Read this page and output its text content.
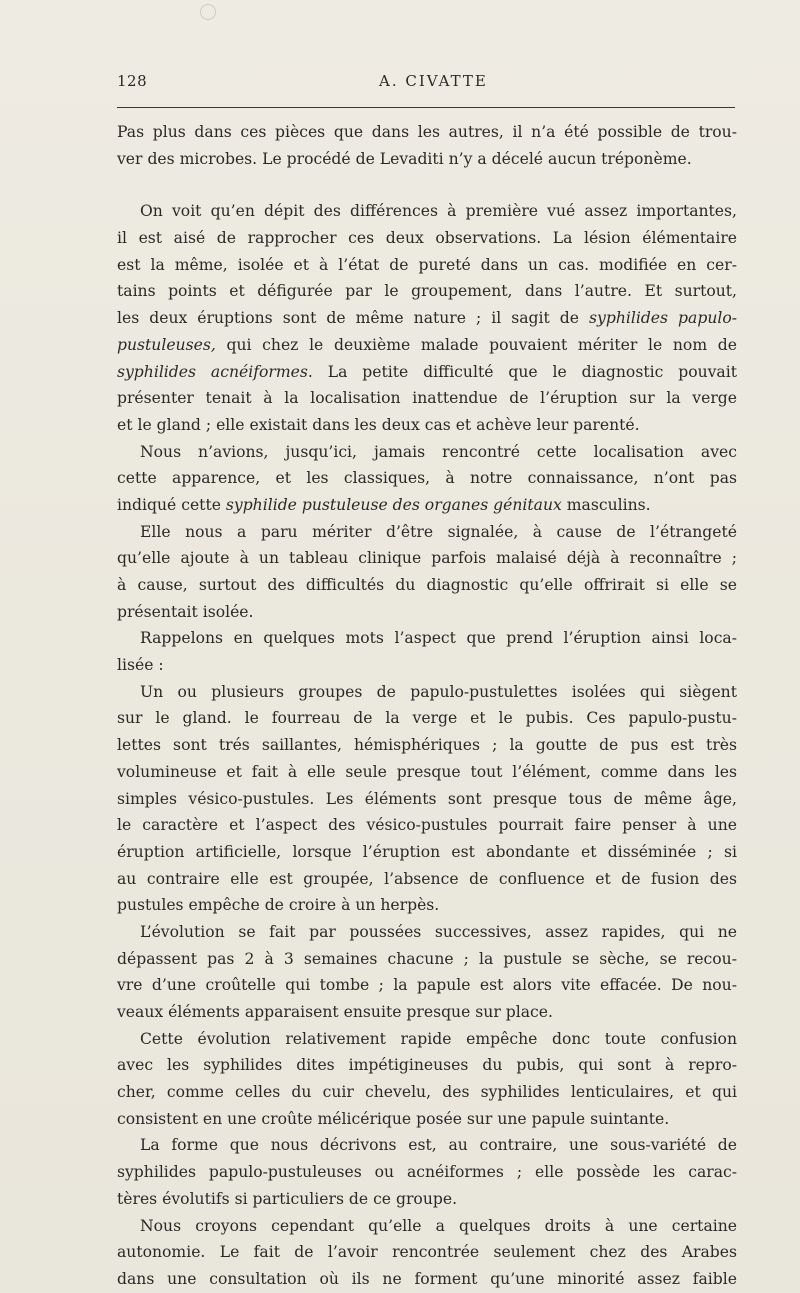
128	A. CIVATTE
Pas plus dans ces pièces que dans les autres, il n’a été possible de trou-
ver des microbes. Le procédé de Levaditi n’y a décelé aucun tréponème.
On voit qu’en dépit des différences à première vué assez importantes,
il est aisé de rapprocher ces deux observations. La lésion élémentaire
est la même, isolée et à l’état de pureté dans un cas. modifiée en cer-
tains points et défigurée par le groupement, dans l’autre. Et surtout,
les deux éruptions sont de même nature ; il sagit de syphilides papulo-
pustuleuses, qui chez le deuxième malade pouvaient mériter le nom de
syphilides acnéiformes. La petite difficulté que le diagnostic pouvait
présenter tenait à la localisation inattendue de l’éruption sur la verge
et le gland ; elle existait dans les deux cas et achève leur parenté.
Nous n’avions, jusqu’ici, jamais rencontré cette localisation avec
cette apparence, et les classiques, à notre connaissance, n’ont pas
indiqué cette syphilide pustuleuse des organes génitaux masculins.
Elle nous a paru mériter d’être signalée, à cause de l’étrangeté
qu’elle ajoute à un tableau clinique parfois malaisé déjà à reconnaître ;
à cause, surtout des difficultés du diagnostic qu’elle offrirait si elle se
présentait isolée.
Rappelons en quelques mots l’aspect que prend l’éruption ainsi loca-
lisée :
Un ou plusieurs groupes de papulo-pustulettes isolées qui siègent
sur le gland. le fourreau de la verge et le pubis. Ces papulo-pustu-
lettes sont trés saillantes, hémisphériques ; la goutte de pus est très
volumineuse et fait à elle seule presque tout l’élément, comme dans les
simples vésico-pustules. Les éléments sont presque tous de même âge,
le caractère et l’aspect des vésico-pustules pourrait faire penser à une
éruption artificielle, lorsque l’éruption est abondante et disséminée ; si
au contraire elle est groupée, l’absence de confluence et de fusion des
pustules empêche de croire à un herpès.
L’évolution se fait par poussées successives, assez rapides, qui ne
dépassent pas 2 à 3 semaines chacune ; la pustule se sèche, se recou-
vre d’une croûtelle qui tombe ; la papule est alors vite effacée. De nou-
veaux éléments apparaisent ensuite presque sur place.
Cette évolution relativement rapide empêche donc toute confusion
avec les syphilides dites impétigineuses du pubis, qui sont à repro-
cher, comme celles du cuir chevelu, des syphilides lenticulaires, et qui
consistent en une croûte mélicérique posée sur une papule suintante.
La forme que nous décrivons est, au contraire, une sous-variété de
syphilides papulo-pustuleuses ou acnéiformes ; elle possède les carac-
tères évolutifs si particuliers de ce groupe.
Nous croyons cependant qu’elle a quelques droits à une certaine
autonomie. Le fait de l’avoir rencontrée seulement chez des Arabes
dans une consultation où ils ne forment qu’une minorité assez faible
